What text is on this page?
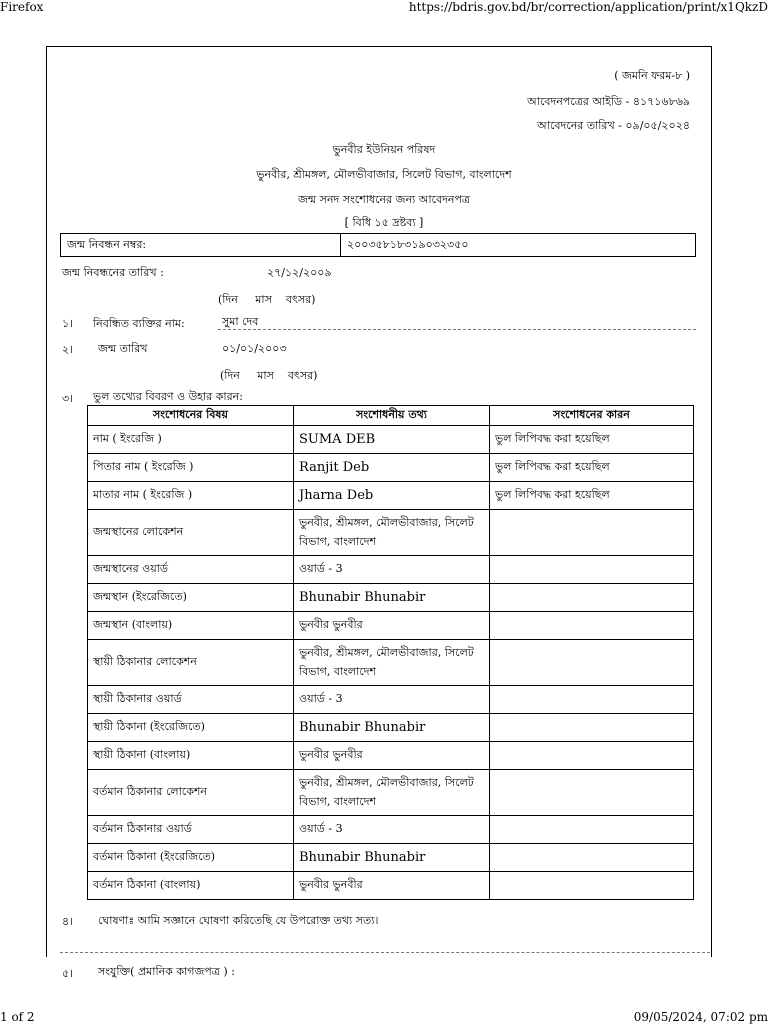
Firefox	https://bdris.gov.bd/br/correction/application/print/x1QkzD
1 of 2	09/05/2024, 07:02 pm
( জমনি ফরম-৮ )
আবেদনপত্রের আইডি - ৪১৭১৬৮৬৯
আবেদনের তারিখ - ০৯/০৫/২০২৪
ভুনবীর ইউনিয়ন পরিষদ
ভুনবীর, শ্রীমঙ্গল, মৌলভীবাজার, সিলেট বিভাগ, বাংলাদেশ
জন্ম সনদ সংশোধনের জন্য আবেদনপত্র
[ বিধি ১৫ দ্রষ্টব্য ]
জন্ম নিবন্ধন নম্বর:	২০০৩৫৮১৮৩১৯০৩২৩৫০
জন্ম নিবন্ধনের তারিখ :	২৭/১২/২০০৯
(দিন     মাস    বৎসর)
১। নিবন্ধিত ব্যক্তির নাম:	সুমা দেব
২। জন্ম তারিখ	০১/০১/২০০৩
(দিন     মাস    বৎসর)
৩। ভুল তথ্যের বিবরণ ও উহার কারন:
সংশোধনের বিষয়	সংশোধনীয় তথ্য	সংশোধনের কারন
নাম ( ইংরেজি )	SUMA DEB	ভুল লিপিবদ্ধ করা হয়েছিল
পিতার নাম ( ইংরেজি )	Ranjit Deb	ভুল লিপিবদ্ধ করা হয়েছিল
মাতার নাম ( ইংরেজি )	Jharna Deb	ভুল লিপিবদ্ধ করা হয়েছিল
জন্মস্থানের লোকেশন	ভুনবীর, শ্রীমঙ্গল, মৌলভীবাজার, সিলেট বিভাগ, বাংলাদেশ	
জন্মস্থানের ওয়ার্ড	ওয়ার্ড - 3	
জন্মস্থান (ইংরেজিতে)	Bhunabir Bhunabir	
জন্মস্থান (বাংলায়)	ভুনবীর ভুনবীর	
স্থায়ী ঠিকানার লোকেশন	ভুনবীর, শ্রীমঙ্গল, মৌলভীবাজার, সিলেট বিভাগ, বাংলাদেশ	
স্থায়ী ঠিকানার ওয়ার্ড	ওয়ার্ড - 3	
স্থায়ী ঠিকানা (ইংরেজিতে)	Bhunabir Bhunabir	
স্থায়ী ঠিকানা (বাংলায়)	ভুনবীর ভুনবীর	
বর্তমান ঠিকানার লোকেশন	ভুনবীর, শ্রীমঙ্গল, মৌলভীবাজার, সিলেট বিভাগ, বাংলাদেশ	
বর্তমান ঠিকানার ওয়ার্ড	ওয়ার্ড - 3	
বর্তমান ঠিকানা (ইংরেজিতে)	Bhunabir Bhunabir	
বর্তমান ঠিকানা (বাংলায়)	ভুনবীর ভুনবীর	
৪। ঘোষণাঃ আমি সজ্ঞানে ঘোষণা করিতেছি যে উপরোক্ত তথ্য সত্য।
৫। সংযুক্তি( প্রমানিক কাগজপত্র ) :
